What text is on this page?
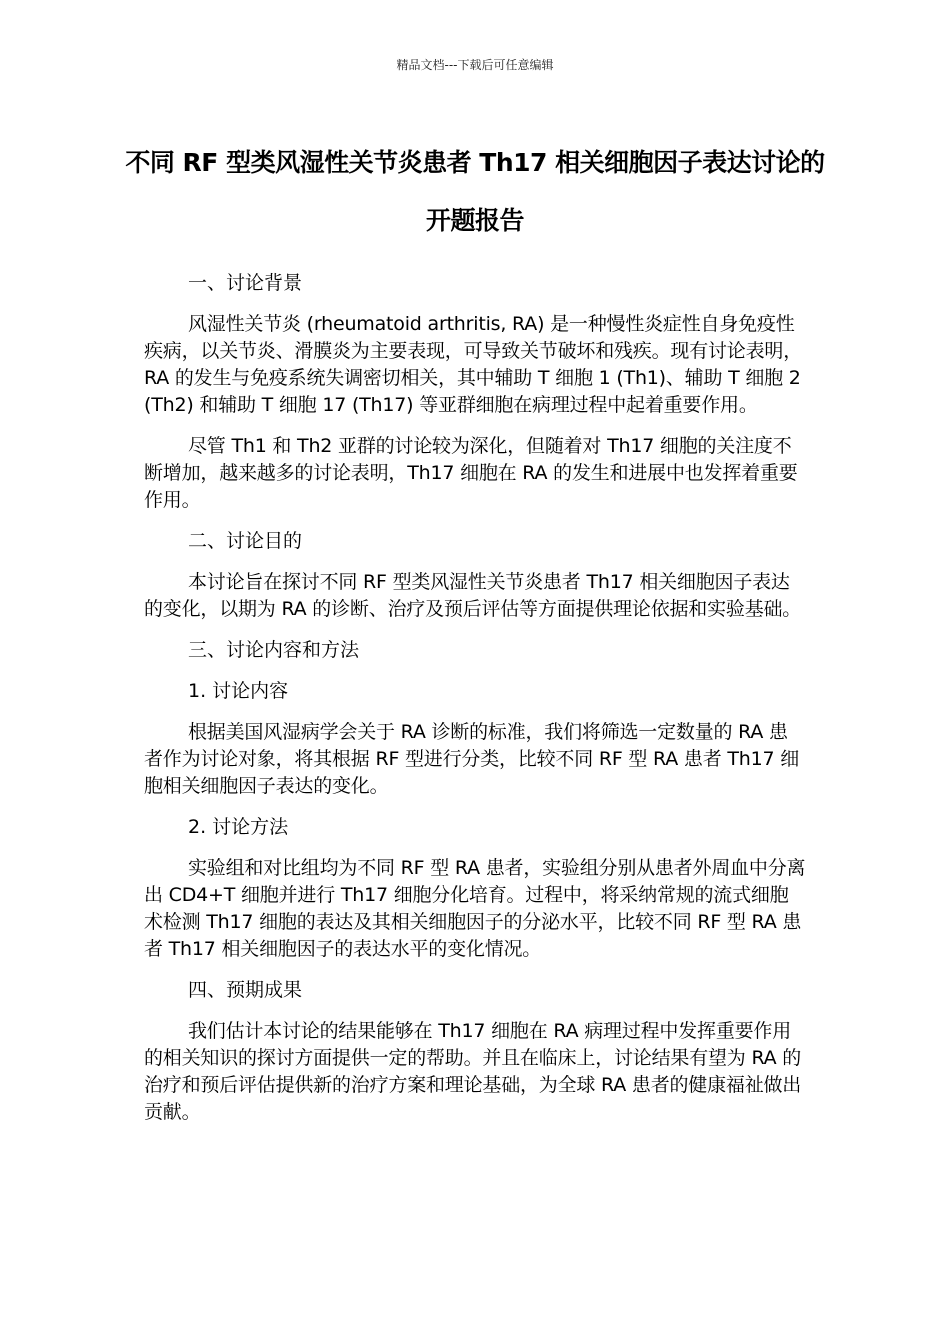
精品文档---下载后可任意编辑
不同 RF 型类风湿性关节炎患者 Th17 相关细胞因子表达讨论的开题报告
一、讨论背景

风湿性关节炎 (rheumatoid arthritis, RA) 是一种慢性炎症性自身免疫性疾病，以关节炎、滑膜炎为主要表现，可导致关节破坏和残疾。现有讨论表明，RA 的发生与免疫系统失调密切相关，其中辅助 T 细胞 1 (Th1)、辅助 T 细胞 2 (Th2) 和辅助 T 细胞 17 (Th17) 等亚群细胞在病理过程中起着重要作用。

尽管 Th1 和 Th2 亚群的讨论较为深化，但随着对 Th17 细胞的关注度不断增加，越来越多的讨论表明，Th17 细胞在 RA 的发生和进展中也发挥着重要作用。

二、讨论目的

本讨论旨在探讨不同 RF 型类风湿性关节炎患者 Th17 相关细胞因子表达的变化，以期为 RA 的诊断、治疗及预后评估等方面提供理论依据和实验基础。

三、讨论内容和方法
1. 讨论内容

根据美国风湿病学会关于 RA 诊断的标准，我们将筛选一定数量的 RA 患者作为讨论对象，将其根据 RF 型进行分类，比较不同 RF 型 RA 患者 Th17 细胞相关细胞因子表达的变化。

2. 讨论方法

实验组和对比组均为不同 RF 型 RA 患者，实验组分别从患者外周血中分离出 CD4+T 细胞并进行 Th17 细胞分化培育。过程中，将采纳常规的流式细胞术检测 Th17 细胞的表达及其相关细胞因子的分泌水平，比较不同 RF 型 RA 患者 Th17 相关细胞因子的表达水平的变化情况。

四、预期成果

我们估计本讨论的结果能够在 Th17 细胞在 RA 病理过程中发挥重要作用的相关知识的探讨方面提供一定的帮助。并且在临床上，讨论结果有望为 RA 的治疗和预后评估提供新的治疗方案和理论基础，为全球 RA 患者的健康福祉做出贡献。
